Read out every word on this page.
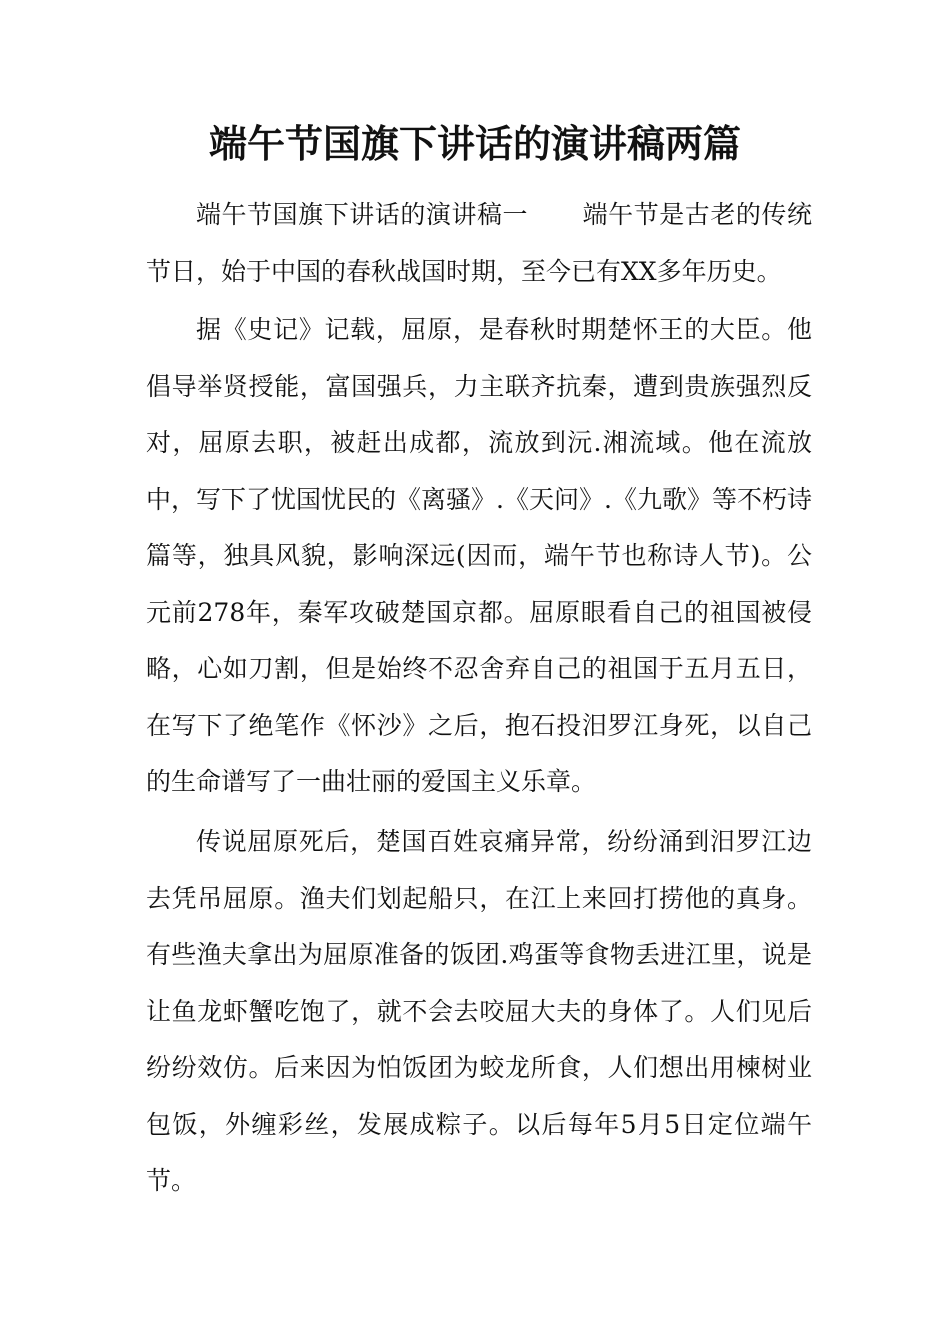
端午节国旗下讲话的演讲稿两篇

端午节国旗下讲话的演讲稿一 端午节是古老的传统节日，始于中国的春秋战国时期，至今已有XX多年历史。

据《史记》记载，屈原，是春秋时期楚怀王的大臣。他倡导举贤授能，富国强兵，力主联齐抗秦，遭到贵族强烈反对，屈原去职，被赶出成都，流放到沅.湘流域。他在流放中，写下了忧国忧民的《离骚》.《天问》.《九歌》等不朽诗篇等，独具风貌，影响深远(因而，端午节也称诗人节)。公元前278年，秦军攻破楚国京都。屈原眼看自己的祖国被侵略，心如刀割，但是始终不忍舍弃自己的祖国于五月五日，在写下了绝笔作《怀沙》之后，抱石投汨罗江身死，以自己的生命谱写了一曲壮丽的爱国主义乐章。

传说屈原死后，楚国百姓哀痛异常，纷纷涌到汨罗江边去凭吊屈原。渔夫们划起船只，在江上来回打捞他的真身。有些渔夫拿出为屈原准备的饭团.鸡蛋等食物丢进江里，说是让鱼龙虾蟹吃饱了，就不会去咬屈大夫的身体了。人们见后纷纷效仿。后来因为怕饭团为蛟龙所食，人们想出用楝树业包饭，外缠彩丝，发展成粽子。以后每年5月5日定位端午节。
